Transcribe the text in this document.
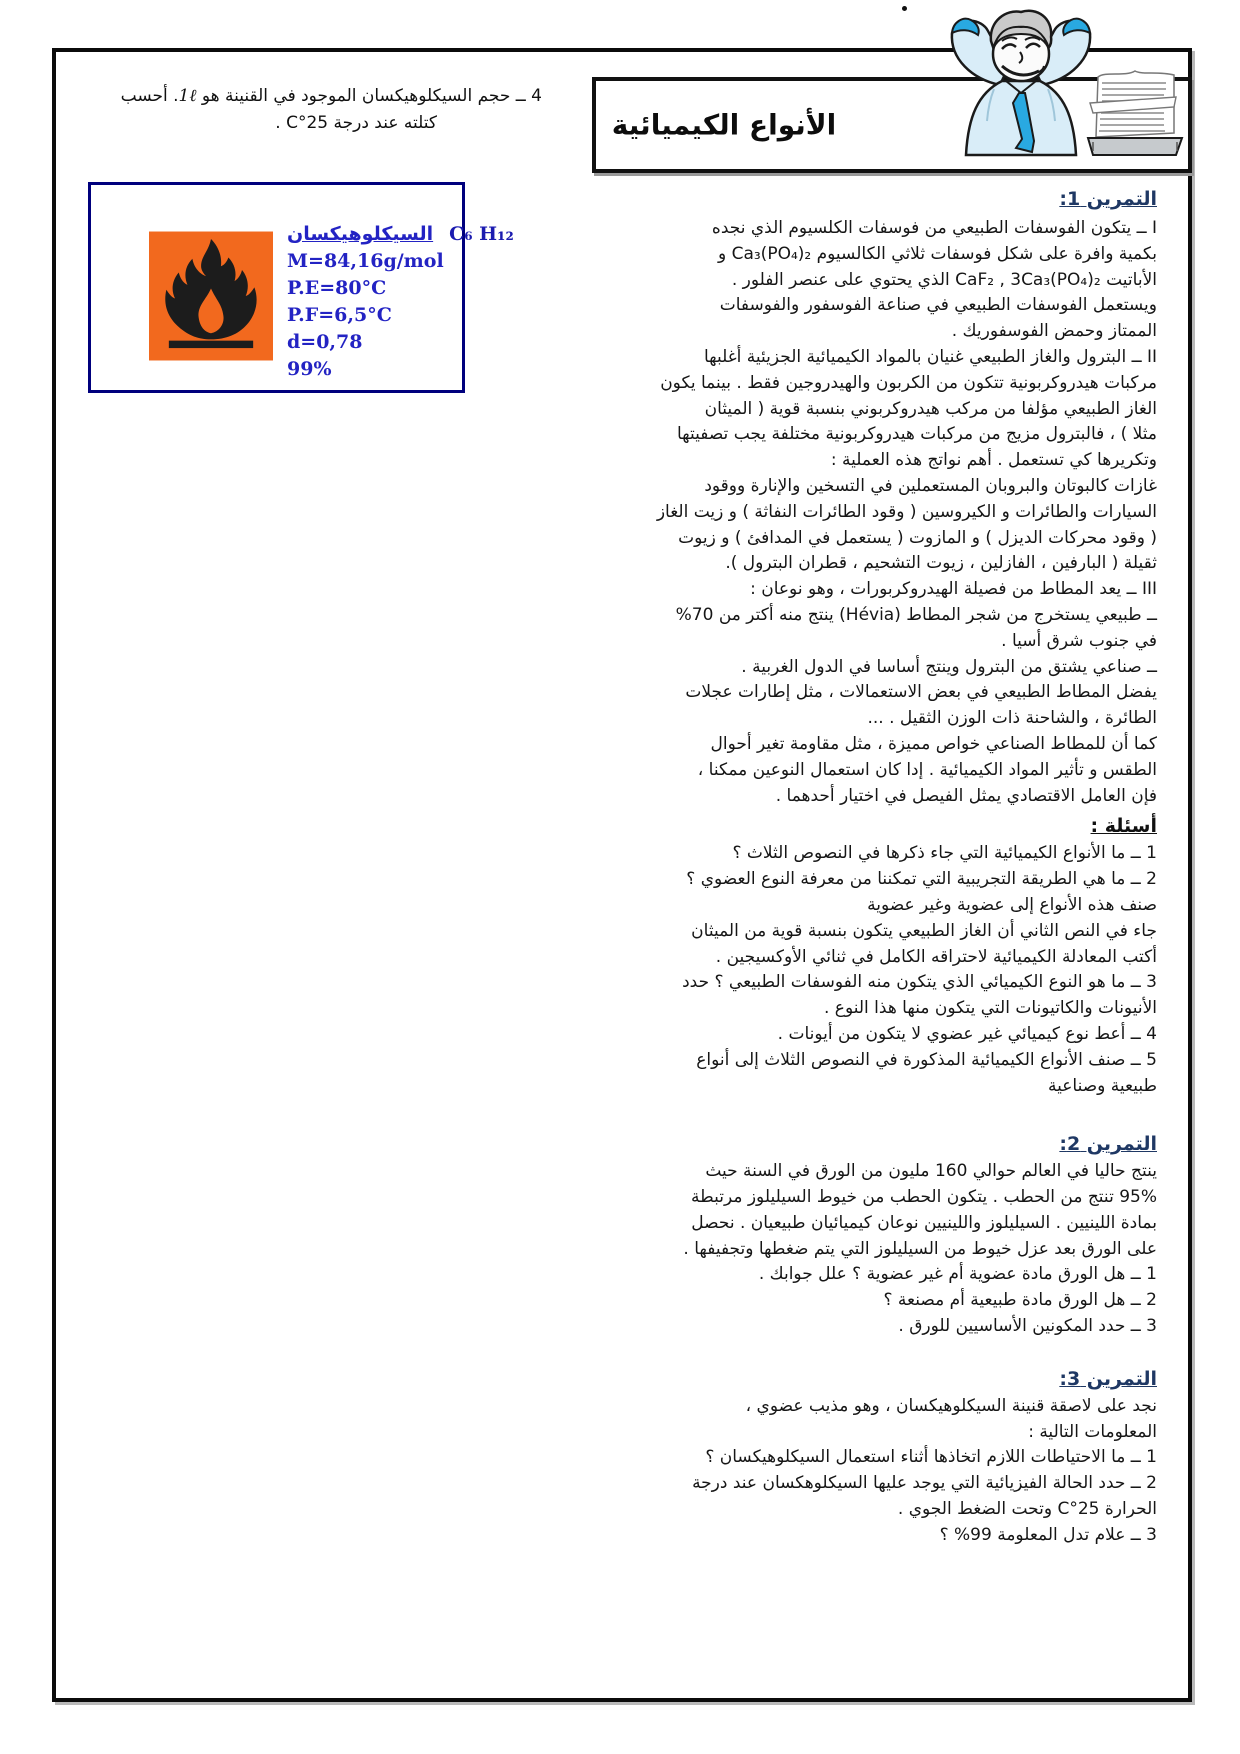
4 ــ حجم السيكلوهيكسان الموجود في القنينة هو 1ℓ. أحسب
كتلته عند درجة 25°C .
السيكلوهيكسان C₆ H₁₂
M=84,16g/mol
P.E=80°C
P.F=6,5°C
d=0,78
99%
الأنواع الكيميائية
التمرين 1:
I ــ يتكون الفوسفات الطبيعي من فوسفات الكلسيوم الذي نجده
بكمية وافرة على شكل فوسفات ثلاثي الكالسيوم Ca₃(PO₄)₂ و
الأباتيت CaF₂ , 3Ca₃(PO₄)₂ الذي يحتوي على عنصر الفلور .
ويستعمل الفوسفات الطبيعي في صناعة الفوسفور والفوسفات
الممتاز وحمض الفوسفوريك .
II ــ البترول والغاز الطبيعي غنيان بالمواد الكيميائية الجزيئية أغلبها
مركبات هيدروكربونية تتكون من الكربون والهيدروجين فقط . بينما يكون
الغاز الطبيعي مؤلفا من مركب هيدروكربوني بنسبة قوية ( الميثان
مثلا ) ، فالبترول مزيج من مركبات هيدروكربونية مختلفة يجب تصفيتها
وتكريرها كي تستعمل . أهم نواتج هذه العملية :
غازات كالبوتان والبروبان المستعملين في التسخين والإنارة ووقود
السيارات والطائرات و الكيروسين ( وقود الطائرات النفاثة ) و زيت الغاز
( وقود محركات الديزل ) و المازوت ( يستعمل في المدافئ ) و زيوت
ثقيلة ( البارفين ، الفازلين ، زيوت التشحيم ، قطران البترول ).
III ــ يعد المطاط من فصيلة الهيدروكربورات ، وهو نوعان :
ــ طبيعي يستخرج من شجر المطاط (Hévia) ينتج منه أكتر من 70%
في جنوب شرق أسيا .
ــ صناعي يشتق من البترول وينتج أساسا في الدول الغربية .
يفضل المطاط الطبيعي في بعض الاستعمالات ، مثل إطارات عجلات
الطائرة ، والشاحنة ذات الوزن الثقيل . ...
كما أن للمطاط الصناعي خواص مميزة ، مثل مقاومة تغير أحوال
الطقس و تأثير المواد الكيميائية . إدا كان استعمال النوعين ممكنا ،
فإن العامل الاقتصادي يمثل الفيصل في اختيار أحدهما .
أسئلة :
1 ــ ما الأنواع الكيميائية التي جاء ذكرها في النصوص الثلاث ؟
2 ــ ما هي الطريقة التجريبية التي تمكننا من معرفة النوع العضوي ؟
صنف هذه الأنواع إلى عضوية وغير عضوية
جاء في النص الثاني أن الغاز الطبيعي يتكون بنسبة قوية من الميثان
أكتب المعادلة الكيميائية لاحتراقه الكامل في ثنائي الأوكسيجين .
3 ــ ما هو النوع الكيميائي الذي يتكون منه الفوسفات الطبيعي ؟ حدد
الأنيونات والكاتيونات التي يتكون منها هذا النوع .
4 ــ أعط نوع كيميائي غير عضوي لا يتكون من أيونات .
5 ــ صنف الأنواع الكيميائية المذكورة في النصوص الثلاث إلى أنواع
طبيعية وصناعية
التمرين 2:
ينتج حاليا في العالم حوالي 160 مليون من الورق في السنة حيث
95% تنتج من الحطب . يتكون الحطب من خيوط السيليلوز مرتبطة
بمادة اللينيين . السيليلوز واللينيين نوعان كيميائيان طبيعيان . نحصل
على الورق بعد عزل خيوط من السيليلوز التي يتم ضغطها وتجفيفها .
1 ــ هل الورق مادة عضوية أم غير عضوية ؟ علل جوابك .
2 ــ هل الورق مادة طبيعية أم مصنعة ؟
3 ــ حدد المكونين الأساسيين للورق .
التمرين 3:
نجد على لاصقة قنينة السيكلوهيكسان ، وهو مذيب عضوي ،
المعلومات التالية :
1 ــ ما الاحتياطات اللازم اتخاذها أثناء استعمال السيكلوهيكسان ؟
2 ــ حدد الحالة الفيزيائية التي يوجد عليها السيكلوهكسان عند درجة
الحرارة 25°C وتحت الضغط الجوي .
3 ــ علام تدل المعلومة 99% ؟
